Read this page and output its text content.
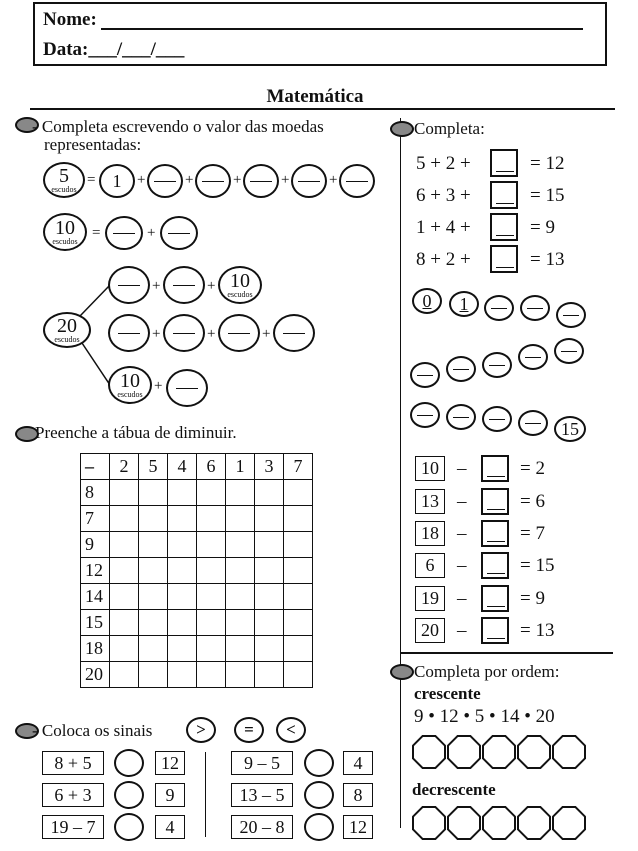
Nome:
Data:___/___/___
Matemática
- Completa escrevendo o valor das moedas
representadas:
5
escudos
= 1 +	+	+	+	+
10
escudos =	+
20
escudos
+	+ 10
escudos
+	+	+
10
escudos +
Preenche a tábua de diminuir.
–	2	5	4	6	1	3	7
8							
7							
9							
12							
14							
15							
18							
20							
- Coloca os sinais	>	=	<
8 + 5	12
6 + 3	9
19 – 7	4
9 – 5	4
13 – 5	8
20 – 8	12
Completa:
5 + 2 +	= 12
6 + 3 +	= 15
1 + 4 +	= 9
8 + 2 +	= 13
0 1
15
10 –	= 2
13 –	= 6
18 –	= 7
6	–	= 15
19 –	= 9
20 –	= 13
Completa por ordem:
crescente
9 • 12 • 5 • 14 • 20
decrescente
